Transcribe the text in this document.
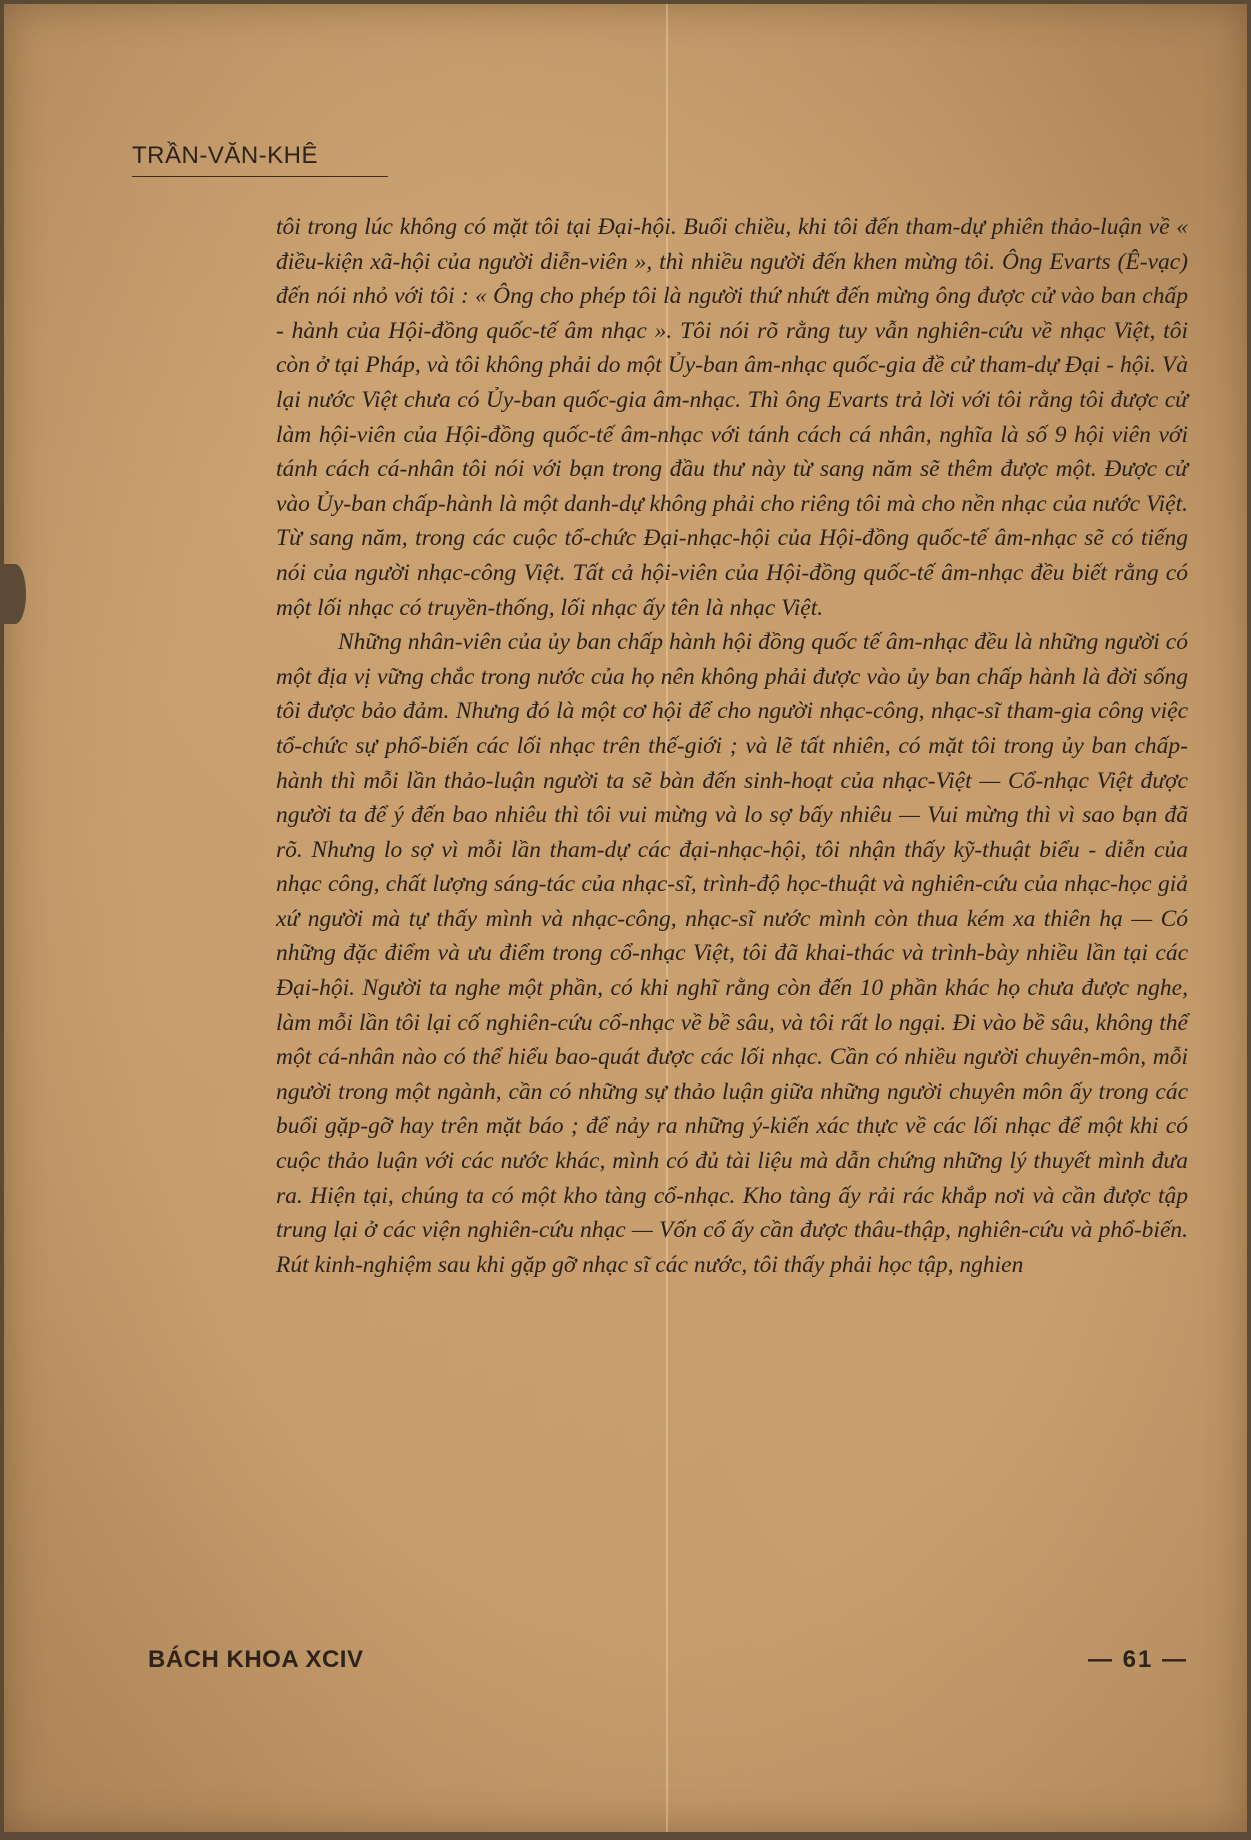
TRẦN-VĂN-KHÊ

tôi trong lúc không có mặt tôi tại Đại-hội. Buổi chiều, khi tôi đến tham-dự phiên thảo-luận về « điều-kiện xã-hội của người diễn-viên », thì nhiều người đến khen mừng tôi. Ông Evarts (Ê-vạc) đến nói nhỏ với tôi : « Ông cho phép tôi là người thứ nhứt đến mừng ông được cử vào ban chấp - hành của Hội-đồng quốc-tế âm nhạc ». Tôi nói rõ rằng tuy vẫn nghiên-cứu về nhạc Việt, tôi còn ở tại Pháp, và tôi không phải do một Ủy-ban âm-nhạc quốc-gia đề cử tham-dự Đại - hội. Và lại nước Việt chưa có Ủy-ban quốc-gia âm-nhạc. Thì ông Evarts trả lời với tôi rằng tôi được cử làm hội-viên của Hội-đồng quốc-tế âm-nhạc với tánh cách cá nhân, nghĩa là số 9 hội viên với tánh cách cá-nhân tôi nói với bạn trong đầu thư này từ sang năm sẽ thêm được một. Được cử vào Ủy-ban chấp-hành là một danh-dự không phải cho riêng tôi mà cho nền nhạc của nước Việt. Từ sang năm, trong các cuộc tổ-chức Đại-nhạc-hội của Hội-đồng quốc-tế âm-nhạc sẽ có tiếng nói của người nhạc-công Việt. Tất cả hội-viên của Hội-đồng quốc-tế âm-nhạc đều biết rằng có một lối nhạc có truyền-thống, lối nhạc ấy tên là nhạc Việt.

Những nhân-viên của ủy ban chấp hành hội đồng quốc tế âm-nhạc đều là những người có một địa vị vững chắc trong nước của họ nên không phải được vào ủy ban chấp hành là đời sống tôi được bảo đảm. Nhưng đó là một cơ hội để cho người nhạc-công, nhạc-sĩ tham-gia công việc tổ-chức sự phổ-biến các lối nhạc trên thế-giới ; và lẽ tất nhiên, có mặt tôi trong ủy ban chấp-hành thì mỗi lần thảo-luận người ta sẽ bàn đến sinh-hoạt của nhạc-Việt — Cổ-nhạc Việt được người ta để ý đến bao nhiêu thì tôi vui mừng và lo sợ bấy nhiêu — Vui mừng thì vì sao bạn đã rõ. Nhưng lo sợ vì mỗi lần tham-dự các đại-nhạc-hội, tôi nhận thấy kỹ-thuật biểu - diễn của nhạc công, chất lượng sáng-tác của nhạc-sĩ, trình-độ học-thuật và nghiên-cứu của nhạc-học giả xứ người mà tự thấy mình và nhạc-công, nhạc-sĩ nước mình còn thua kém xa thiên hạ — Có những đặc điểm và ưu điểm trong cổ-nhạc Việt, tôi đã khai-thác và trình-bày nhiều lần tại các Đại-hội. Người ta nghe một phần, có khi nghĩ rằng còn đến 10 phần khác họ chưa được nghe, làm mỗi lần tôi lại cố nghiên-cứu cổ-nhạc về bề sâu, và tôi rất lo ngại. Đi vào bề sâu, không thể một cá-nhân nào có thể hiểu bao-quát được các lối nhạc. Cần có nhiều người chuyên-môn, mỗi người trong một ngành, cần có những sự thảo luận giữa những người chuyên môn ấy trong các buổi gặp-gỡ hay trên mặt báo ; để nảy ra những ý-kiến xác thực về các lối nhạc để một khi có cuộc thảo luận với các nước khác, mình có đủ tài liệu mà dẫn chứng những lý thuyết mình đưa ra. Hiện tại, chúng ta có một kho tàng cổ-nhạc. Kho tàng ấy rải rác khắp nơi và cần được tập trung lại ở các viện nghiên-cứu nhạc — Vốn cổ ấy cần được thâu-thập, nghiên-cứu và phổ-biến. Rút kinh-nghiệm sau khi gặp gỡ nhạc sĩ các nước, tôi thấy phải học tập, nghien

BÁCH KHOA XCIV	— 61 —
